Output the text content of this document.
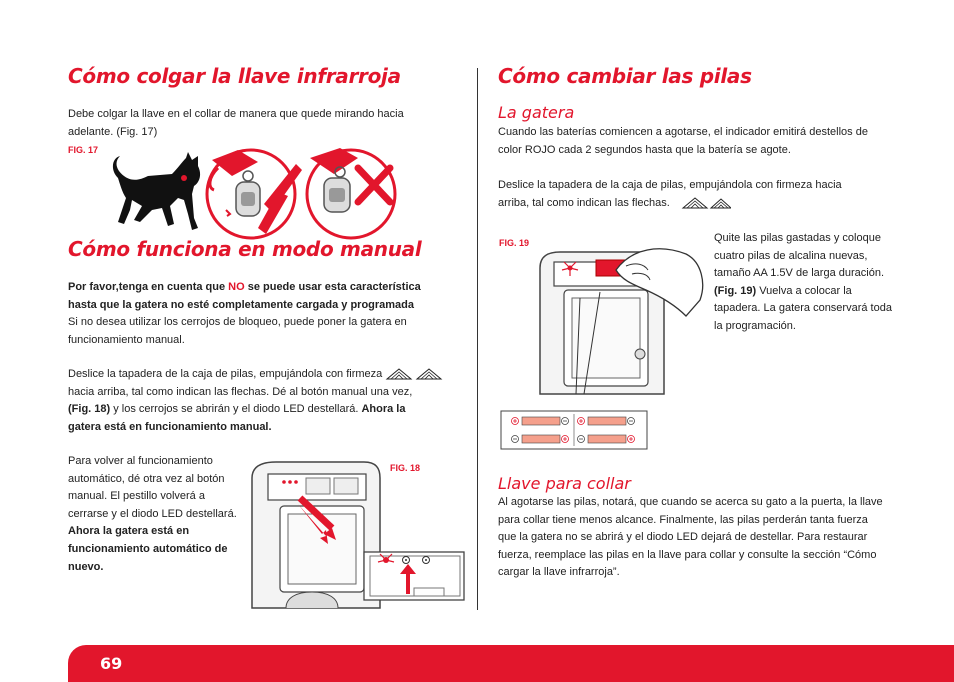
Cómo colgar la llave infrarroja

Debe colgar la llave en el collar de manera que quede mirando hacia adelante. (Fig. 17)

FIG. 17
Cómo funciona en modo manual

Por favor,tenga en cuenta que NO se puede usar esta característica hasta que la gatera no esté completamente cargada y programada

Si no desea utilizar los cerrojos de bloqueo, puede poner la gatera en funcionamiento manual.

Deslice la tapadera de la caja de pilas, empujándola con firmeza
hacia arriba, tal como indican las flechas. Dé al botón manual una vez,
(Fig. 18) y los cerrojos se abrirán y el diodo LED destellará. Ahora la
gatera está en funcionamiento manual.

Para volver al funcionamiento automático, dé otra vez al botón manual. El pestillo volverá a cerrarse y el diodo LED destellará. Ahora la gatera está en funcionamiento automático de nuevo.

FIG. 18
Cómo cambiar las pilas
La gatera

Cuando las baterías comiencen a agotarse, el indicador emitirá destellos de color ROJO cada 2 segundos hasta que la batería se agote.

Deslice la tapadera de la caja de pilas, empujándola con firmeza hacia
arriba, tal como indican las flechas.

FIG. 19	Quite las pilas gastadas y coloque cuatro pilas de alcalina nuevas, tamaño AA 1.5V de larga duración. (Fig. 19) Vuelva a colocar la tapadera. La gatera conservará toda la programación.

Llave para collar

Al agotarse las pilas, notará, que cuando se acerca su gato a la puerta, la llave para collar tiene menos alcance. Finalmente, las pilas perderán tanta fuerza que la gatera no se abrirá y el diodo LED dejará de destellar. Para restaurar fuerza, reemplace las pilas en la llave para collar y consulte la sección “Cómo cargar la llave infrarroja”.

69
